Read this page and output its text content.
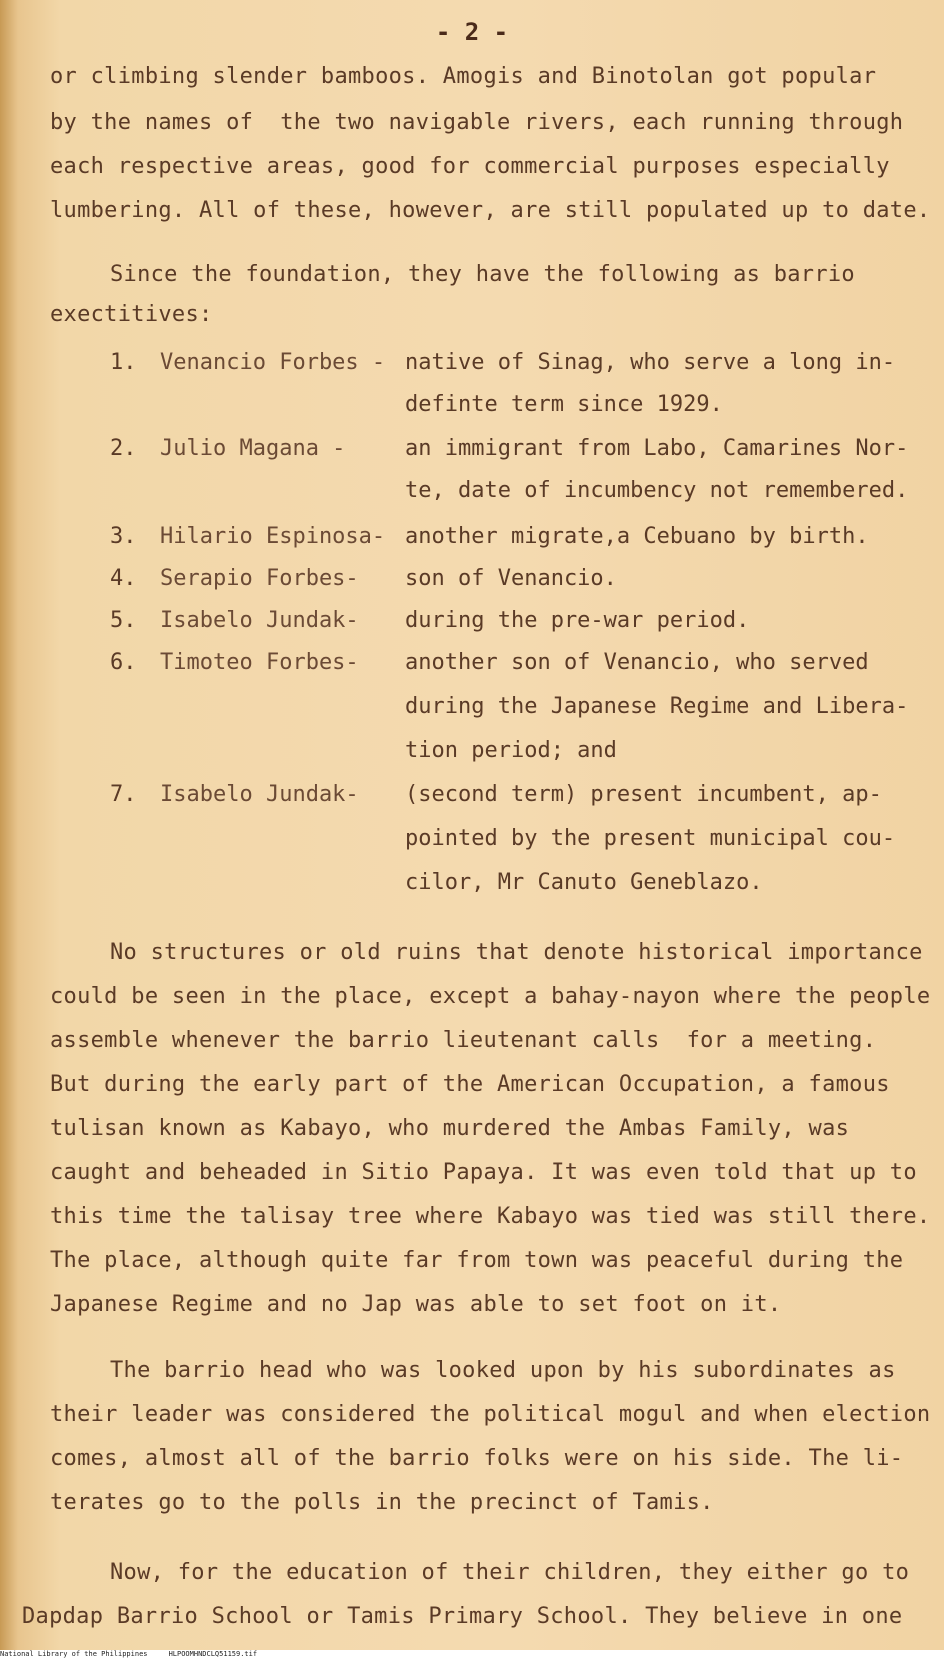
- 2 -
or climbing slender bamboos. Amogis and Binotolan got popular
by the names of  the two navigable rivers, each running through
each respective areas, good for commercial purposes especially
lumbering. All of these, however, are still populated up to date.
Since the foundation, they have the following as barrio
exectitives:
1. Venancio Forbes - native of Sinag, who serve a long in-
definte term since 1929.
2. Julio Magana -	an immigrant from Labo, Camarines Nor-
te, date of incumbency not remembered.
3. Hilario Espinosa- another migrate,a Cebuano by birth.
4. Serapio Forbes- son of Venancio.
5. Isabelo Jundak- during the pre-war period.
6. Timoteo Forbes- another son of Venancio, who served
during the Japanese Regime and Libera-
tion period; and
7. Isabelo Jundak- (second term) present incumbent, ap-
pointed by the present municipal cou-
cilor, Mr Canuto Geneblazo.
No structures or old ruins that denote historical importance
could be seen in the place, except a bahay-nayon where the people
assemble whenever the barrio lieutenant calls  for a meeting.
But during the early part of the American Occupation, a famous
tulisan known as Kabayo, who murdered the Ambas Family, was
caught and beheaded in Sitio Papaya. It was even told that up to
this time the talisay tree where Kabayo was tied was still there.
The place, although quite far from town was peaceful during the
Japanese Regime and no Jap was able to set foot on it.
The barrio head who was looked upon by his subordinates as
their leader was considered the political mogul and when election
comes, almost all of the barrio folks were on his side. The li-
terates go to the polls in the precinct of Tamis.
Now, for the education of their children, they either go to
Dapdap Barrio School or Tamis Primary School. They believe in one
National Library of the Philippines     HLPOOMHNDCLQ51159.tif
